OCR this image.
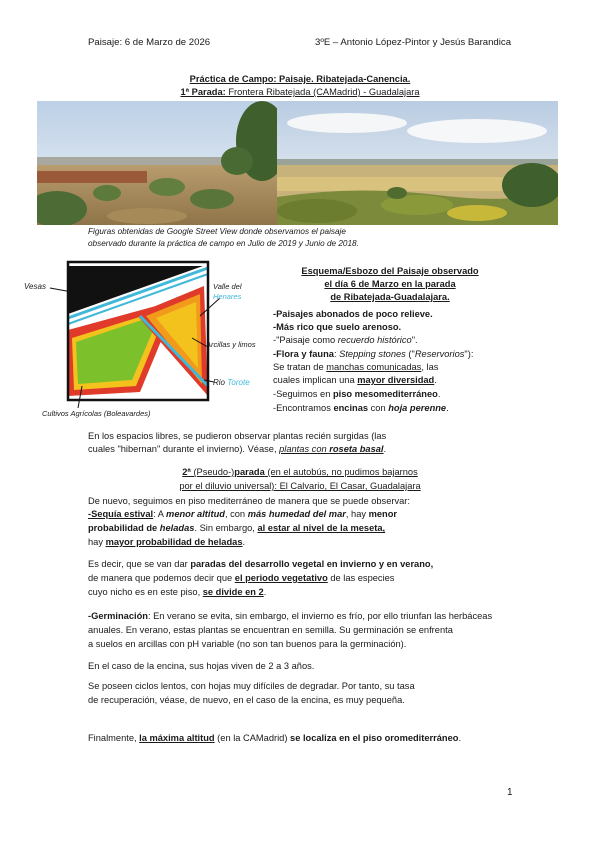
Paisaje: 6 de Marzo de 2026	3ºE – Antonio López-Pintor y Jesús Barandica
Práctica de Campo: Paisaje. Ribatejada-Canencia.
1ª Parada: Frontera Ribatejada (CAMadrid) - Guadalajara
Figuras obtenidas de Google Street View donde observamos el paisaje
observado durante la práctica de campo en Julio de 2019 y Junio de 2018.
Vesas	Valle del
Henares
Arcillas y limos
Rio Torote
Cultivos Agrícolas (Boleavardes)
Esquema/Esbozo del Paisaje observado
el día 6 de Marzo en la parada
de Ribatejada-Guadalajara.
-Paisajes abonados de poco relieve.
-Más rico que suelo arenoso.
-"Paisaje como recuerdo histórico".
-Flora y fauna: Stepping stones ("Reservorios"):
Se tratan de manchas comunicadas, las
cuales implican una mayor diversidad.
-Seguimos en piso mesomediterráneo.
-Encontramos encinas con hoja perenne.
En los espacios libres, se pudieron observar plantas recién surgidas (las
cuales "hibernan" durante el invierno). Véase, plantas con roseta basal.
2ª (Pseudo-)parada (en el autobús, no pudimos bajarnos
por el diluvio universal): El Calvario, El Casar, Guadalajara
De nuevo, seguimos en piso mediterráneo de manera que se puede observar:
-Sequía estival: A menor altitud, con más humedad del mar, hay menor
probabilidad de heladas. Sin embargo, al estar al nivel de la meseta,
hay mayor probabilidad de heladas.
Es decir, que se van dar paradas del desarrollo vegetal en invierno y en verano,
de manera que podemos decir que el periodo vegetativo de las especies
cuyo nicho es en este piso, se divide en 2.
-Germinación: En verano se evita, sin embargo, el invierno es frío, por ello triunfan las herbáceas
anuales. En verano, estas plantas se encuentran en semilla. Su germinación se enfrenta
a suelos en arcillas con pH variable (no son tan buenos para la germinación).
En el caso de la encina, sus hojas viven de 2 a 3 años.
Se poseen ciclos lentos, con hojas muy difíciles de degradar. Por tanto, su tasa
de recuperación, véase, de nuevo, en el caso de la encina, es muy pequeña.
Finalmente, la máxima altitud (en la CAMadrid) se localiza en el piso oromediterráneo.
1
